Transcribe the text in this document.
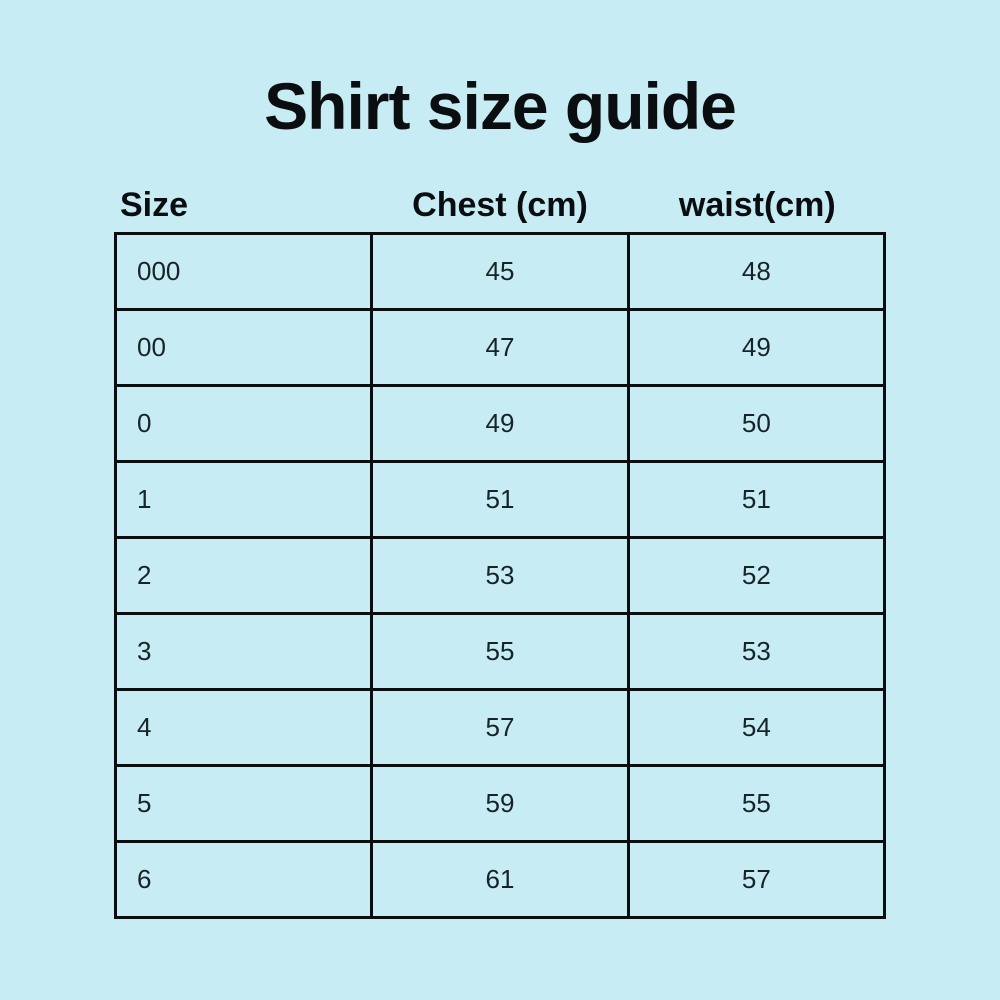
Shirt size guide
Size	Chest (cm)	waist(cm)
000	45	48
00	47	49
0	49	50
1	51	51
2	53	52
3	55	53
4	57	54
5	59	55
6	61	57
